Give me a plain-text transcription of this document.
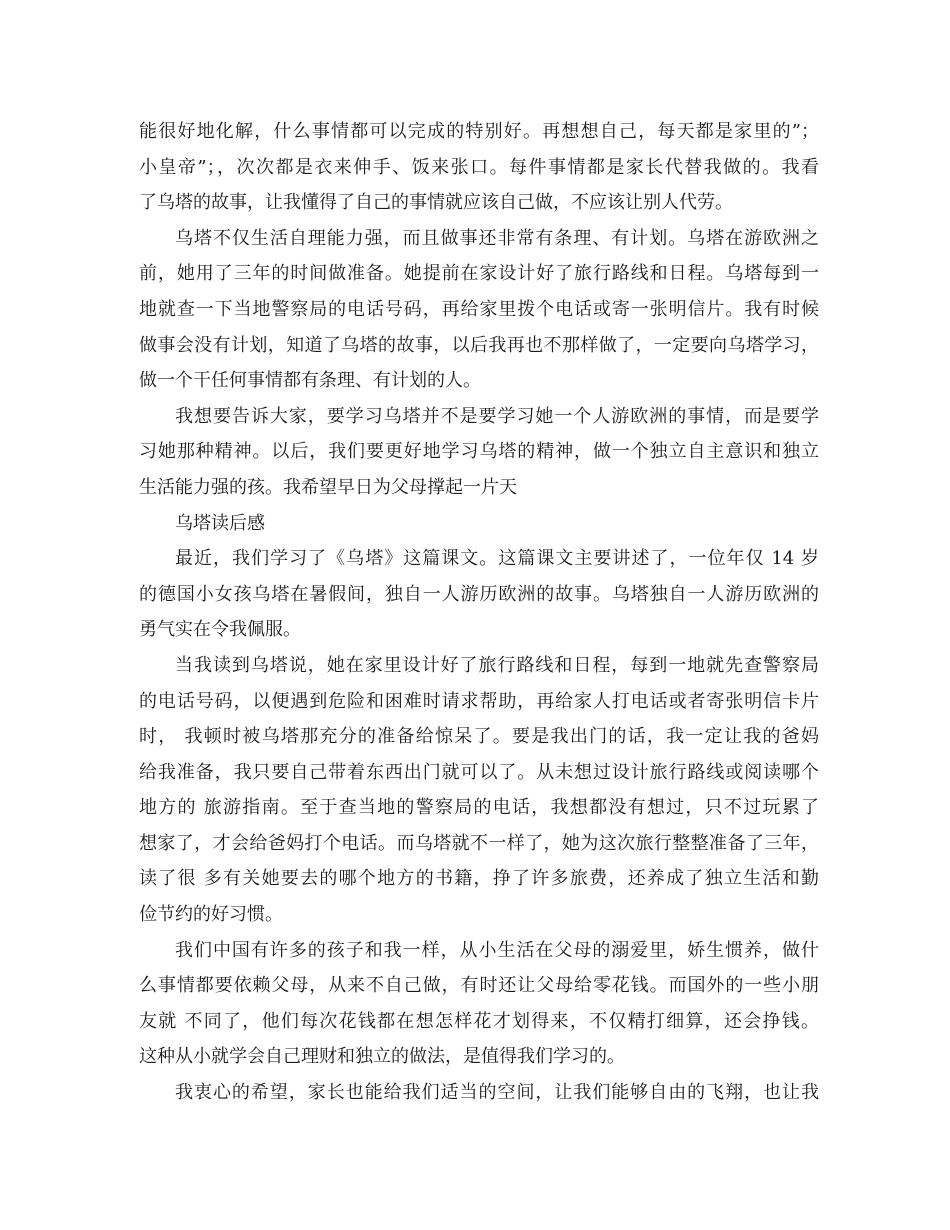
能很好地化解，什么事情都可以完成的特别好。再想想自己，每天都是家里的”；
小皇帝”；，次次都是衣来伸手、饭来张口。每件事情都是家长代替我做的。我看
了乌塔的故事，让我懂得了自己的事情就应该自己做，不应该让别人代劳。
乌塔不仅生活自理能力强，而且做事还非常有条理、有计划。乌塔在游欧洲之
前，她用了三年的时间做准备。她提前在家设计好了旅行路线和日程。乌塔每到一
地就查一下当地警察局的电话号码，再给家里拨个电话或寄一张明信片。我有时候
做事会没有计划，知道了乌塔的故事，以后我再也不那样做了，一定要向乌塔学习，
做一个干任何事情都有条理、有计划的人。
我想要告诉大家，要学习乌塔并不是要学习她一个人游欧洲的事情，而是要学
习她那种精神。以后，我们要更好地学习乌塔的精神，做一个独立自主意识和独立
生活能力强的孩。我希望早日为父母撑起一片天
乌塔读后感
最近，我们学习了《乌塔》这篇课文。这篇课文主要讲述了，一位年仅 14 岁
的德国小女孩乌塔在暑假间，独自一人游历欧洲的故事。乌塔独自一人游历欧洲的
勇气实在令我佩服。
当我读到乌塔说，她在家里设计好了旅行路线和日程，每到一地就先查警察局
的电话号码，以便遇到危险和困难时请求帮助，再给家人打电话或者寄张明信卡片
时， 我顿时被乌塔那充分的准备给惊呆了。要是我出门的话，我一定让我的爸妈
给我准备，我只要自己带着东西出门就可以了。从未想过设计旅行路线或阅读哪个
地方的 旅游指南。至于查当地的警察局的电话，我想都没有想过，只不过玩累了
想家了，才会给爸妈打个电话。而乌塔就不一样了，她为这次旅行整整准备了三年，
读了很 多有关她要去的哪个地方的书籍，挣了许多旅费，还养成了独立生活和勤
俭节约的好习惯。
我们中国有许多的孩子和我一样，从小生活在父母的溺爱里，娇生惯养，做什
么事情都要依赖父母，从来不自己做，有时还让父母给零花钱。而国外的一些小朋
友就 不同了，他们每次花钱都在想怎样花才划得来，不仅精打细算，还会挣钱。
这种从小就学会自己理财和独立的做法，是值得我们学习的。
我衷心的希望，家长也能给我们适当的空间，让我们能够自由的飞翔，也让我
